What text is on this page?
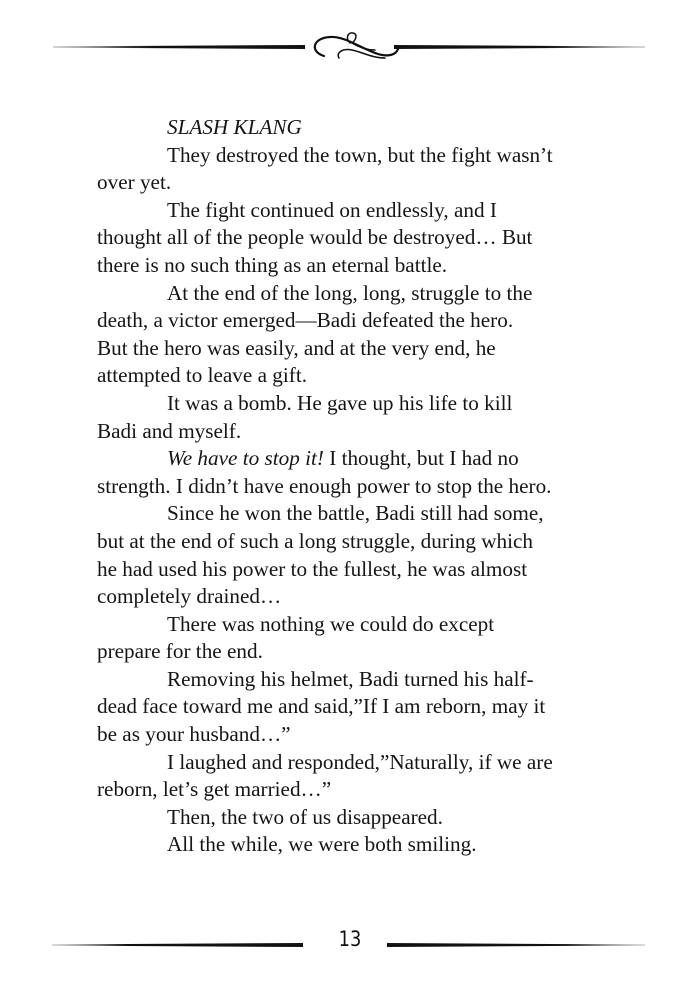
SLASH KLANG
They destroyed the town, but the fight wasn’t
over yet.
The fight continued on endlessly, and I
thought all of the people would be destroyed… But
there is no such thing as an eternal battle.
At the end of the long, long, struggle to the
death, a victor emerged—Badi defeated the hero.
But the hero was easily, and at the very end, he
attempted to leave a gift.
It was a bomb. He gave up his life to kill
Badi and myself.
We have to stop it! I thought, but I had no
strength. I didn’t have enough power to stop the hero.
Since he won the battle, Badi still had some,
but at the end of such a long struggle, during which
he had used his power to the fullest, he was almost
completely drained…
There was nothing we could do except
prepare for the end.
Removing his helmet, Badi turned his half-
dead face toward me and said,”If I am reborn, may it
be as your husband…”
I laughed and responded,”Naturally, if we are
reborn, let’s get married…”
Then, the two of us disappeared.
All the while, we were both smiling.
13
